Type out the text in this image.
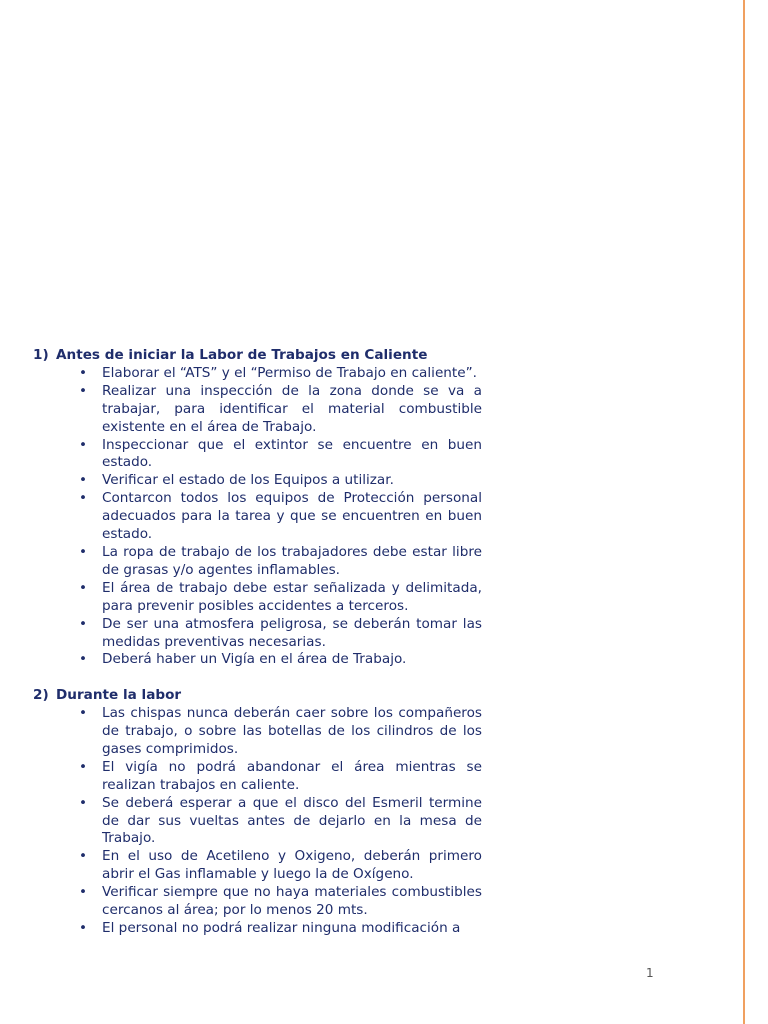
1) Antes de iniciar la Labor de Trabajos en Caliente
• Elaborar el “ATS” y el “Permiso de Trabajo en caliente”.
• Realizar una inspección de la zona donde se va a trabajar, para identificar el material combustible existente en el área de Trabajo.
• Inspeccionar que el extintor se encuentre en buen estado.
• Verificar el estado de los Equipos a utilizar.
• Contarcon todos los equipos de Protección personal adecuados para la tarea y que se encuentren en buen estado.
• La ropa de trabajo de los trabajadores debe estar libre de grasas y/o agentes inflamables.
• El área de trabajo debe estar señalizada y delimitada, para prevenir posibles accidentes a terceros.
• De ser una atmosfera peligrosa, se deberán tomar las medidas preventivas necesarias.
• Deberá haber un Vigía en el área de Trabajo.
2) Durante la labor
• Las chispas nunca deberán caer sobre los compañeros de trabajo, o sobre las botellas de los cilindros de los gases comprimidos.
• El vigía no podrá abandonar el área mientras se realizan trabajos en caliente.
• Se deberá esperar a que el disco del Esmeril termine de dar sus vueltas antes de dejarlo en la mesa de Trabajo.
• En el uso de Acetileno y Oxigeno, deberán primero abrir el Gas inflamable y luego la de Oxígeno.
• Verificar siempre que no haya materiales combustibles cercanos al área; por lo menos 20 mts.
• El personal no podrá realizar ninguna modificación a
1
